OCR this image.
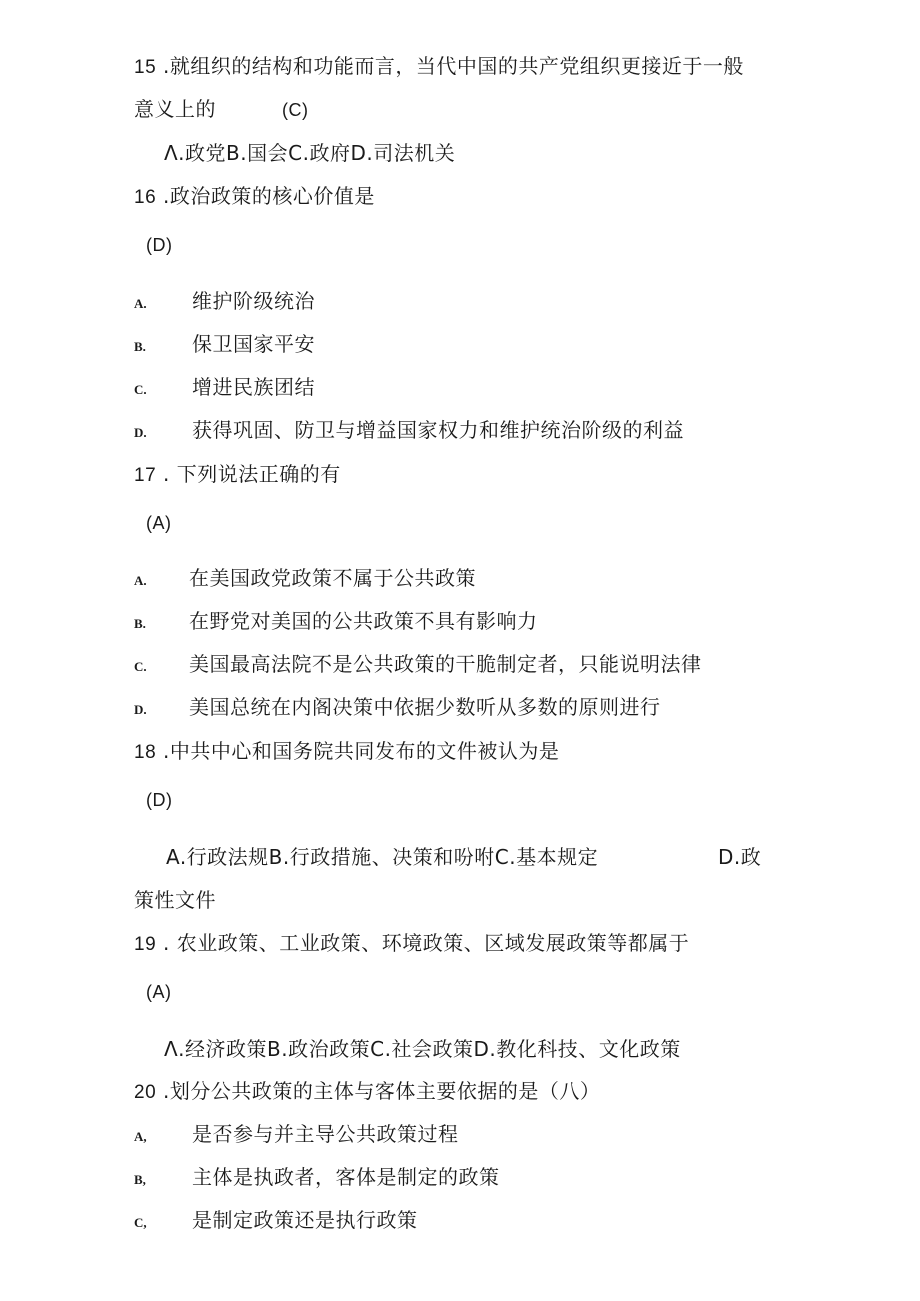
15 .就组织的结构和功能而言，当代中国的共产党组织更接近于一般
意义上的	(C)
Λ.政党B.国会C.政府D.司法机关
16 .政治政策的核心价值是
(D)
A. 维护阶级统治
B. 保卫国家平安
C. 增进民族团结
D. 获得巩固、防卫与增益国家权力和维护统治阶级的利益
17 . 下列说法正确的有
(A)
A. 在美国政党政策不属于公共政策
B. 在野党对美国的公共政策不具有影响力
C. 美国最高法院不是公共政策的干脆制定者，只能说明法律
D. 美国总统在内阁决策中依据少数听从多数的原则进行
18 .中共中心和国务院共同发布的文件被认为是
(D)
A.行政法规B.行政措施、决策和吩咐C.基本规定	D.政
策性文件
19 . 农业政策、工业政策、环境政策、区域发展政策等都属于
(A)
Λ.经济政策B.政治政策C.社会政策D.教化科技、文化政策
20 .划分公共政策的主体与客体主要依据的是（八）
A, 是否参与并主导公共政策过程
B, 主体是执政者，客体是制定的政策
C, 是制定政策还是执行政策
